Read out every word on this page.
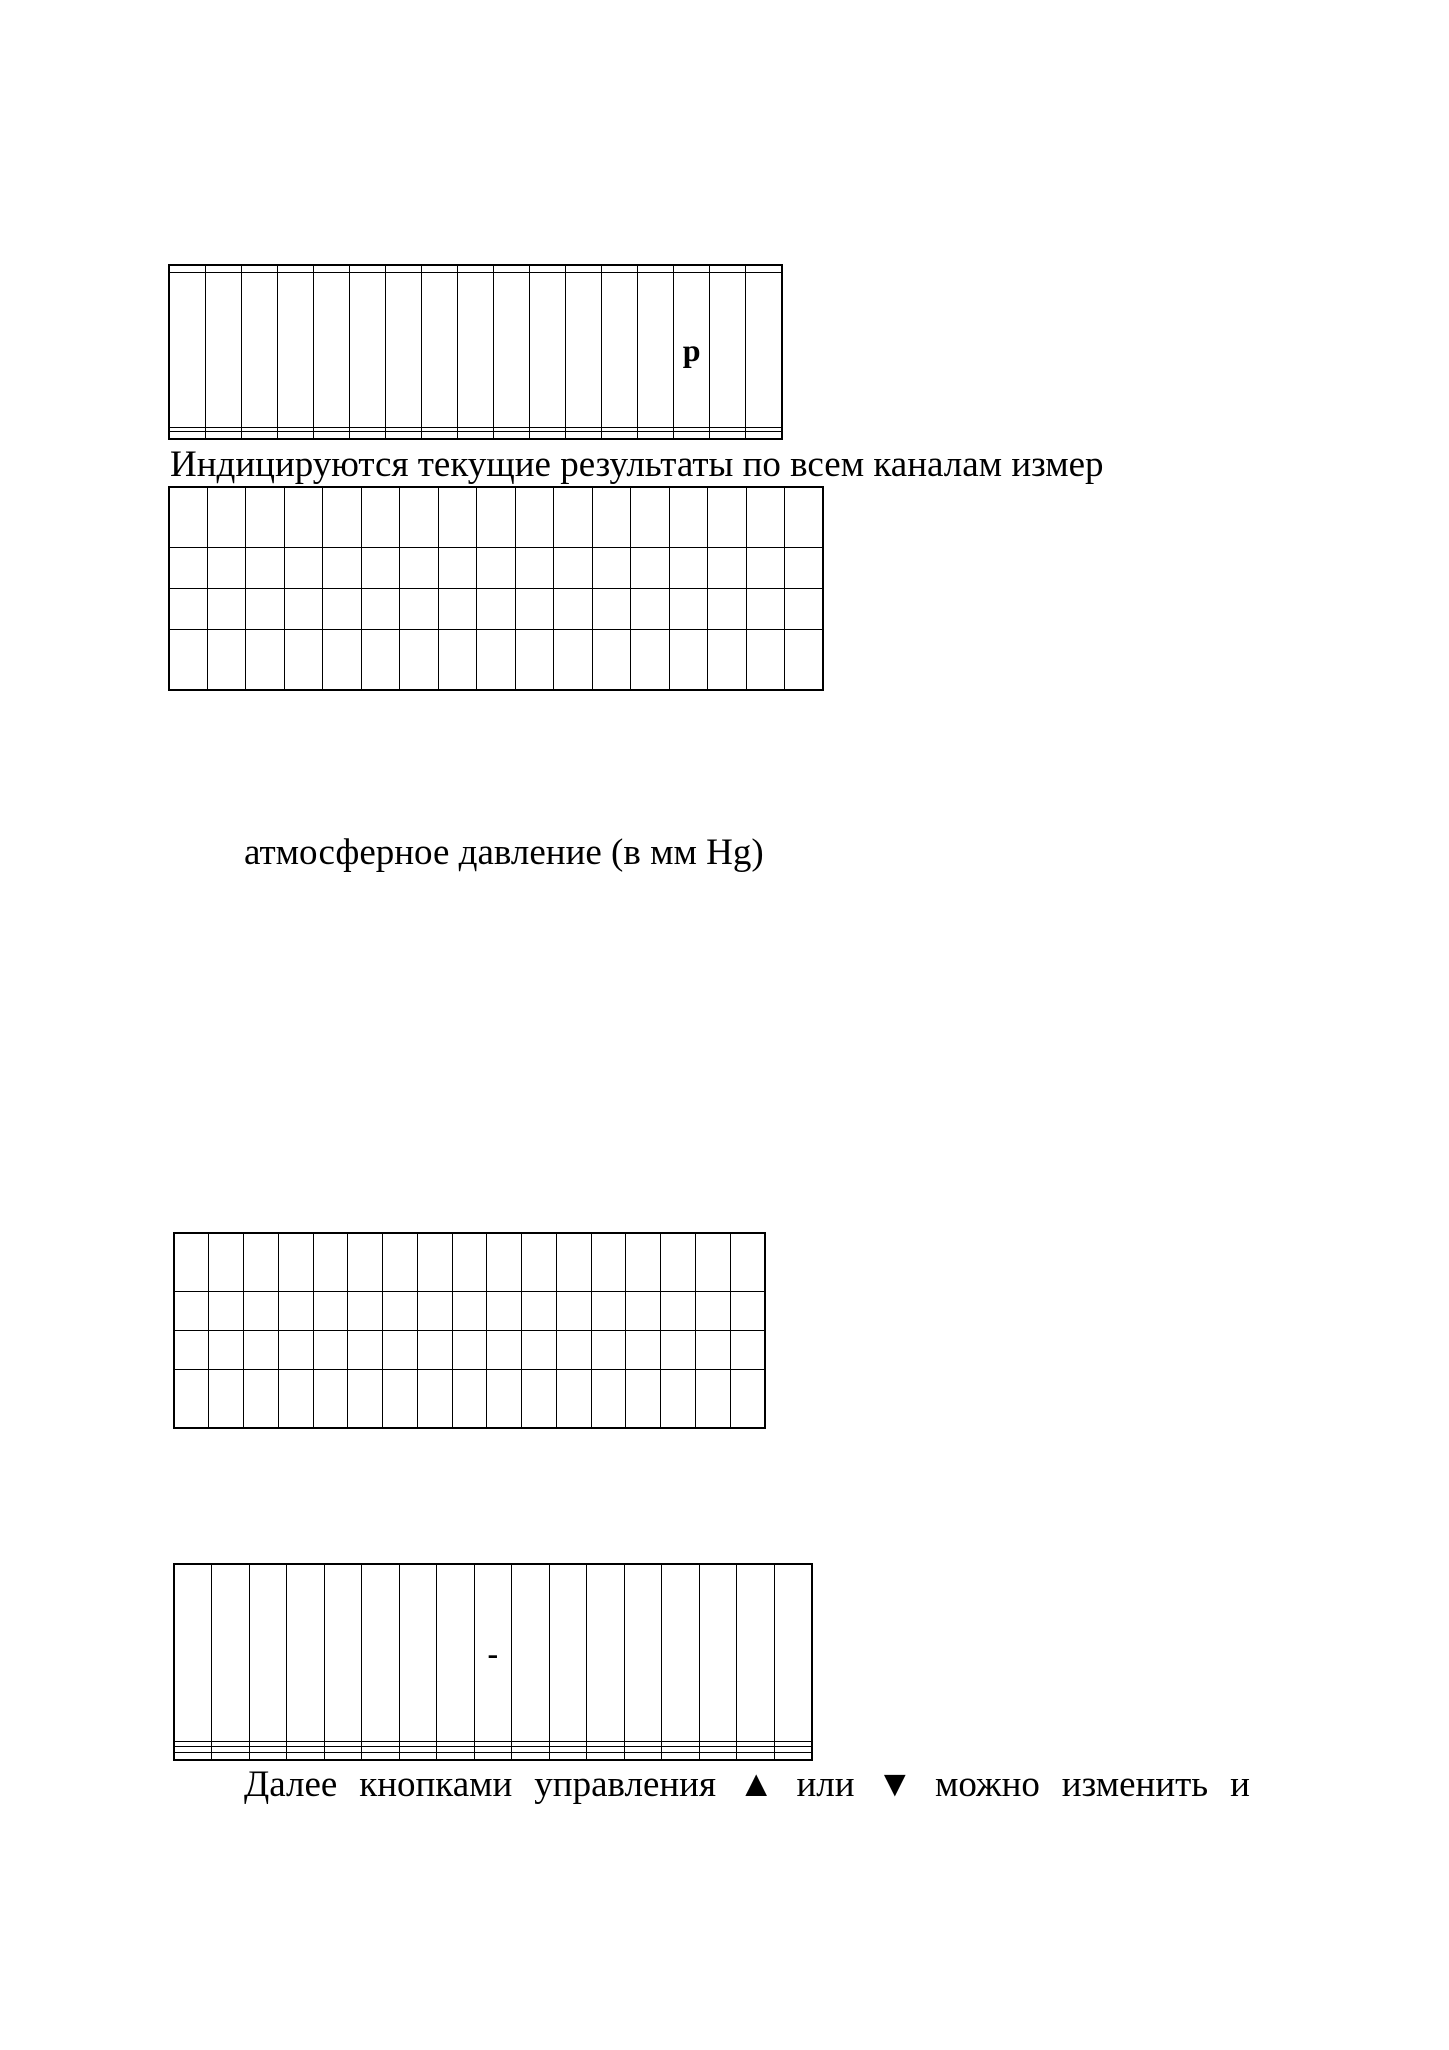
														р		

Индицируются текущие результаты по всем каналам измер

атмосферное давление (в мм Hg)

								-								

Далее кнопками управления ▲ или ▼ можно изменить и
